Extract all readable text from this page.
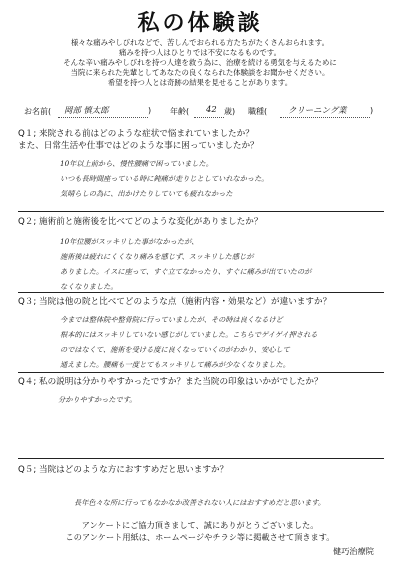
私の体験談
様々な痛みやしびれなどで、苦しんでおられる方たちがたくさんおられます。
痛みを持つ人はひとりでは不安になるものです。
そんな辛い痛みやしびれを持つ人達を救う為に、治療を続ける勇気を与えるために
当院に来られた先輩としてあなたの良くなられた体験談をお聞かせください。
希望を持つ人とは奇跡の結果を見せることがあります。
お名前( 岡部 慎太郎	) 年齢( 42 歳) 職種( クリーニング業	)
Q１; 来院される前はどのような症状で悩まれていましたか？
また、日常生活や仕事ではどのような事に困っていましたか？
10年以上前から、慢性腰痛で困っていました。
いつも長時間座っている時に鈍痛が走りじとしていれなかった。
気晴らしの為に、出かけたりしていても疲れなかった
Q２; 施術前と施術後を比べてどのような変化がありましたか？
10年位腰がスッキリした事がなかったが、
施術後は疲れにくくなり痛みを感じず、スッキリした感じが
ありました。イスに座って、すぐ立てなかったり、すぐに痛みが出ていたのが
なくなりました。
Q３; 当院は他の院と比べてどのような点（施術内容・効果など）が違いますか？
今までは整体院や整骨院に行っていましたが、その時は良くなるけど
根本的にはスッキリしていない感じがしていました。こちらでゲイゲイ押される
のではなくて、施術を受ける度に良くなっていくのがわかり、安心して
通えました。腰痛も一度とてもスッキリして痛みが少なくなりました。
Q４; 私の説明は分かりやすかったですか？また当院の印象はいかがでしたか？
分かりやすかったです。
Q５; 当院はどのような方におすすめだと思いますか？
長年色々な所に行ってもなかなか改善されない人にはおすすめだと思います。
アンケートにご協力頂きまして、誠にありがとうございました。
このアンケート用紙は、ホームページやチラシ等に掲載させて頂きます。
健巧治療院
